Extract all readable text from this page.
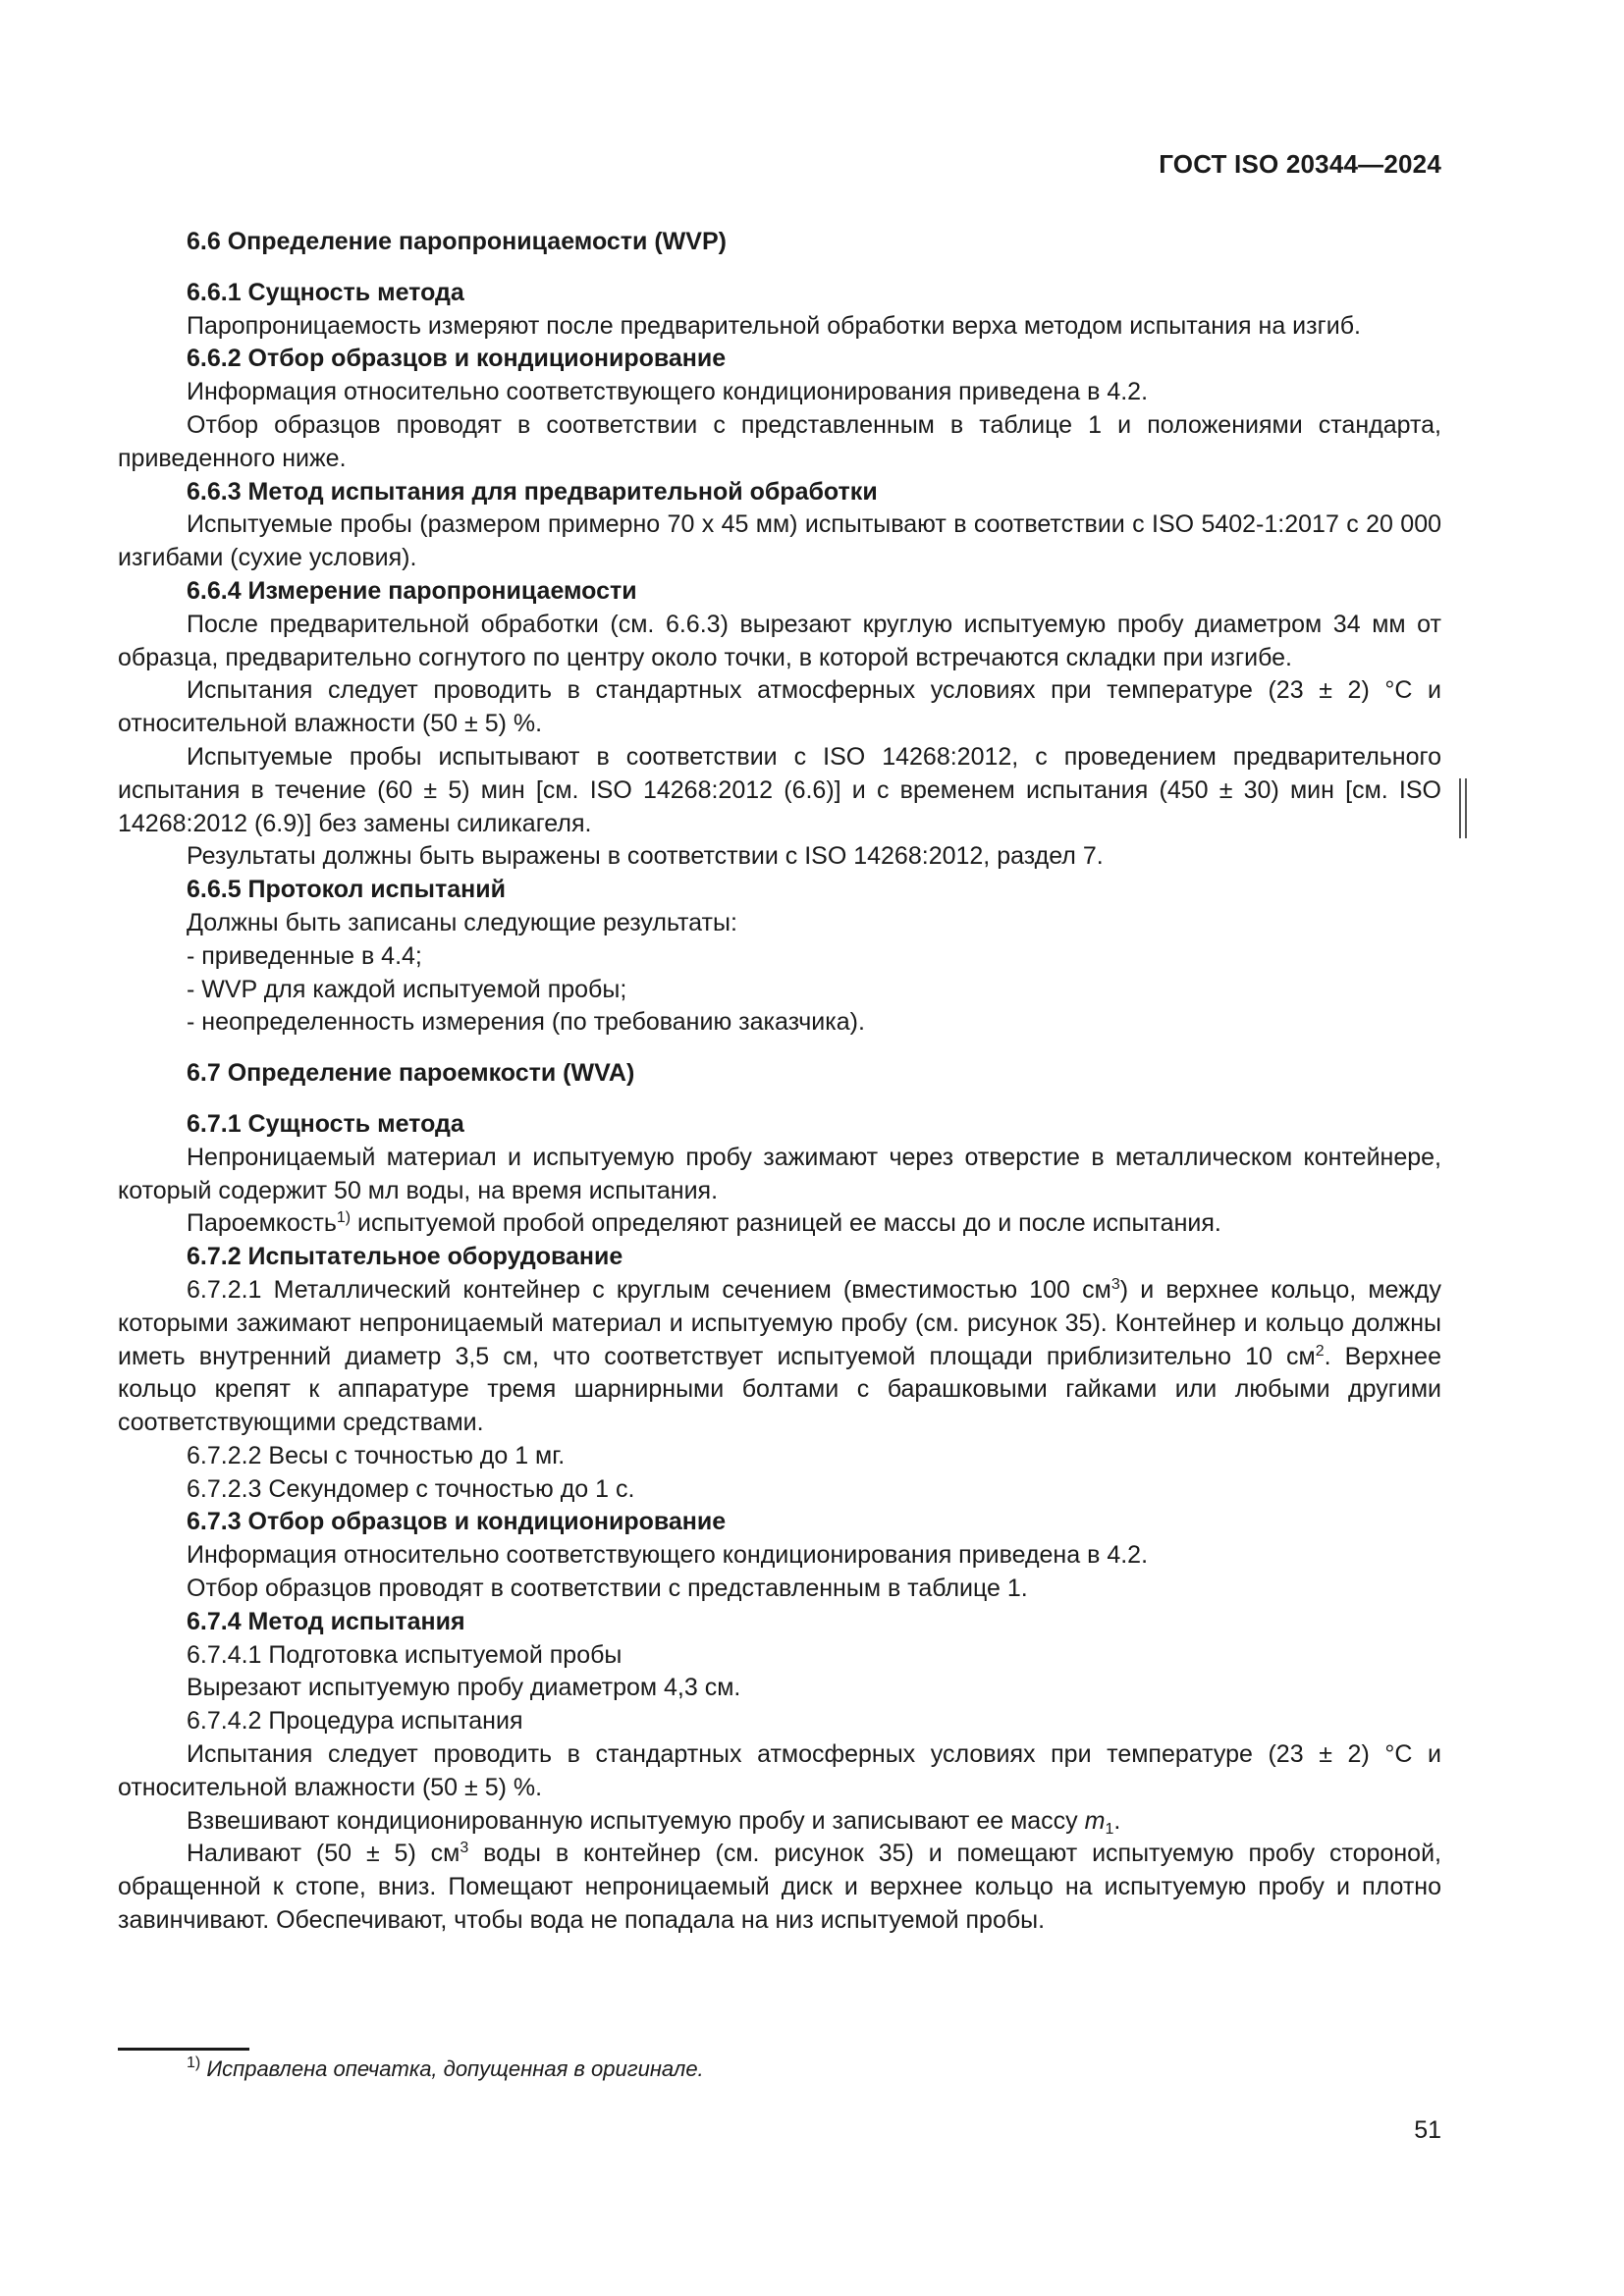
ГОСТ ISO 20344—2024

6.6 Определение паропроницаемости (WVP)

6.6.1 Сущность метода

Паропроницаемость измеряют после предварительной обработки верха методом испытания на изгиб.

6.6.2 Отбор образцов и кондиционирование

Информация относительно соответствующего кондиционирования приведена в 4.2.

Отбор образцов проводят в соответствии с представленным в таблице 1 и положениями стандарта, приведенного ниже.

6.6.3 Метод испытания для предварительной обработки

Испытуемые пробы (размером примерно 70 х 45 мм) испытывают в соответствии с ISO 5402-1:2017 с 20 000 изгибами (сухие условия).

6.6.4 Измерение паропроницаемости

После предварительной обработки (см. 6.6.3) вырезают круглую испытуемую пробу диаметром 34 мм от образца, предварительно согнутого по центру около точки, в которой встречаются складки при изгибе.

Испытания следует проводить в стандартных атмосферных условиях при температуре (23 ± 2) °С и относительной влажности (50 ± 5) %.

Испытуемые пробы испытывают в соответствии с ISO 14268:2012, с проведением предварительного испытания в течение (60 ± 5) мин [см. ISO 14268:2012 (6.6)] и с временем испытания (450 ± 30) мин [см. ISO 14268:2012 (6.9)] без замены силикагеля.

Результаты должны быть выражены в соответствии с ISO 14268:2012, раздел 7.

6.6.5 Протокол испытаний

Должны быть записаны следующие результаты:

- приведенные в 4.4;

- WVP для каждой испытуемой пробы;

- неопределенность измерения (по требованию заказчика).

6.7 Определение пароемкости (WVA)

6.7.1 Сущность метода

Непроницаемый материал и испытуемую пробу зажимают через отверстие в металлическом контейнере, который содержит 50 мл воды, на время испытания.

Пароемкость$^{1)}$ испытуемой пробой определяют разницей ее массы до и после испытания.

6.7.2 Испытательное оборудование

6.7.2.1 Металлический контейнер с круглым сечением (вместимостью 100 $см^3$) и верхнее кольцо, между которыми зажимают непроницаемый материал и испытуемую пробу (см. рисунок 35). Контейнер и кольцо должны иметь внутренний диаметр 3,5 см, что соответствует испытуемой площади приблизительно 10 $см^2$. Верхнее кольцо крепят к аппаратуре тремя шарнирными болтами с барашковыми гайками или любыми другими соответствующими средствами.

6.7.2.2 Весы с точностью до 1 мг.

6.7.2.3 Секундомер с точностью до 1 с.

6.7.3 Отбор образцов и кондиционирование

Информация относительно соответствующего кондиционирования приведена в 4.2.

Отбор образцов проводят в соответствии с представленным в таблице 1.

6.7.4 Метод испытания

6.7.4.1 Подготовка испытуемой пробы

Вырезают испытуемую пробу диаметром 4,3 см.

6.7.4.2 Процедура испытания

Испытания следует проводить в стандартных атмосферных условиях при температуре (23 ± 2) °С и относительной влажности (50 ± 5) %.

Взвешивают кондиционированную испытуемую пробу и записывают ее массу $m_1$.

Наливают (50 ± 5) $см^3$ воды в контейнер (см. рисунок 35) и помещают испытуемую пробу стороной, обращенной к стопе, вниз. Помещают непроницаемый диск и верхнее кольцо на испытуемую пробу и плотно завинчивают. Обеспечивают, чтобы вода не попадала на низ испытуемой пробы.

$^{1)}$ Исправлена опечатка, допущенная в оригинале.
51
